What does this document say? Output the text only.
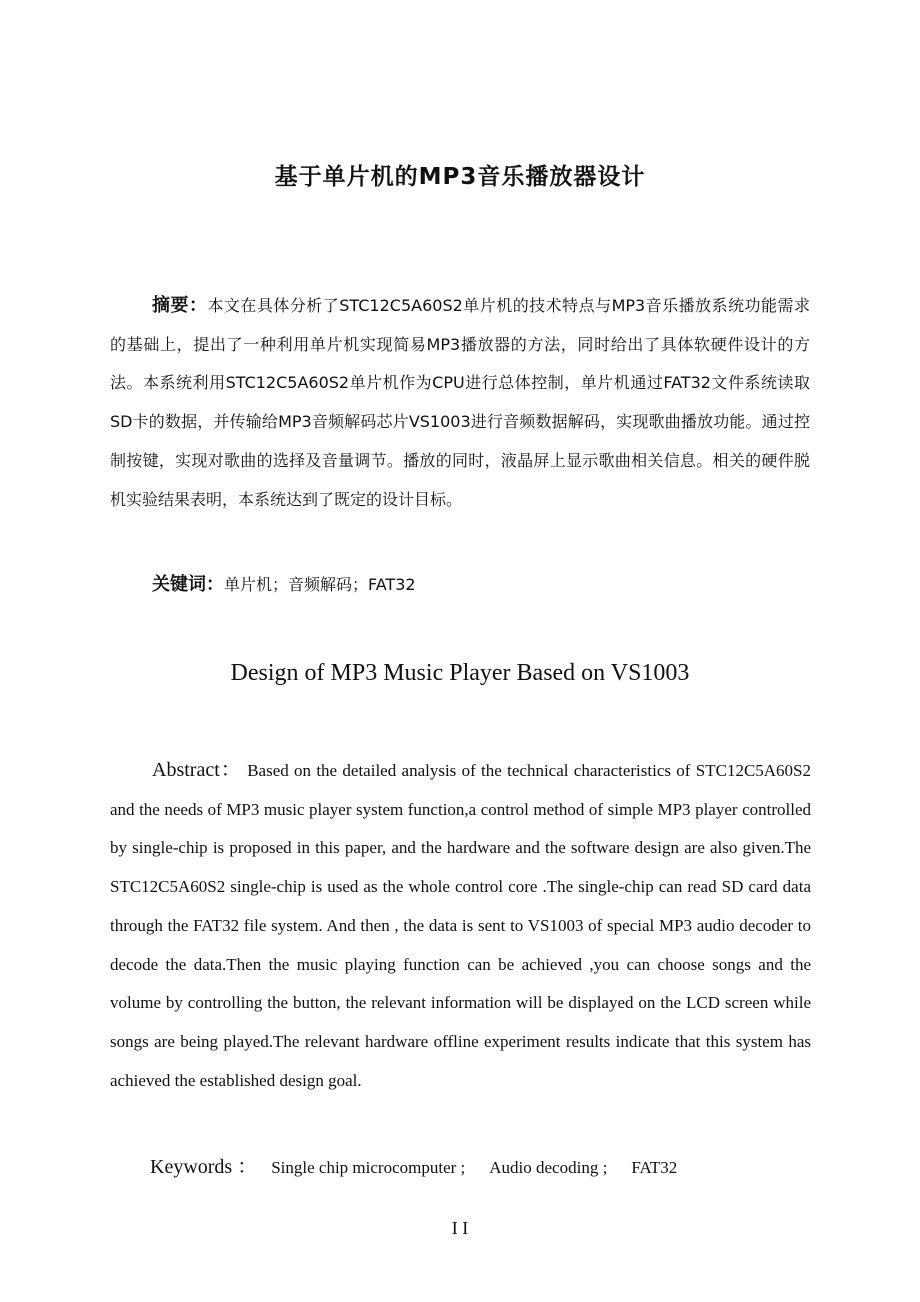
基于单片机的MP3音乐播放器设计

摘要：本文在具体分析了STC12C5A60S2单片机的技术特点与MP3音乐播放系统功能需求的基础上，提出了一种利用单片机实现简易MP3播放器的方法，同时给出了具体软硬件设计的方法。本系统利用STC12C5A60S2单片机作为CPU进行总体控制，单片机通过FAT32文件系统读取SD卡的数据，并传输给MP3音频解码芯片VS1003进行音频数据解码，实现歌曲播放功能。通过控制按键，实现对歌曲的选择及音量调节。播放的同时，液晶屏上显示歌曲相关信息。相关的硬件脱机实验结果表明，本系统达到了既定的设计目标。

关键词：单片机；音频解码；FAT32

Design of MP3 Music Player Based on VS1003

Abstract： Based on the detailed analysis of the technical characteristics of STC12C5A60S2 and the needs of MP3 music player system function,a control method of simple MP3 player controlled by single-chip is proposed in this paper, and the hardware and the software design are also given.The STC12C5A60S2 single-chip is used as the whole control core .The single-chip can read SD card data through the FAT32 file system. And then , the data is sent to VS1003 of special MP3 audio decoder to decode the data.Then the music playing function can be achieved ,you can choose songs and the volume by controlling the button, the relevant information will be displayed on the LCD screen while songs are being played.The relevant hardware offline experiment results indicate that this system has achieved the established design goal.

Keywords ： Single chip microcomputer ; Audio decoding ; FAT32

I I
